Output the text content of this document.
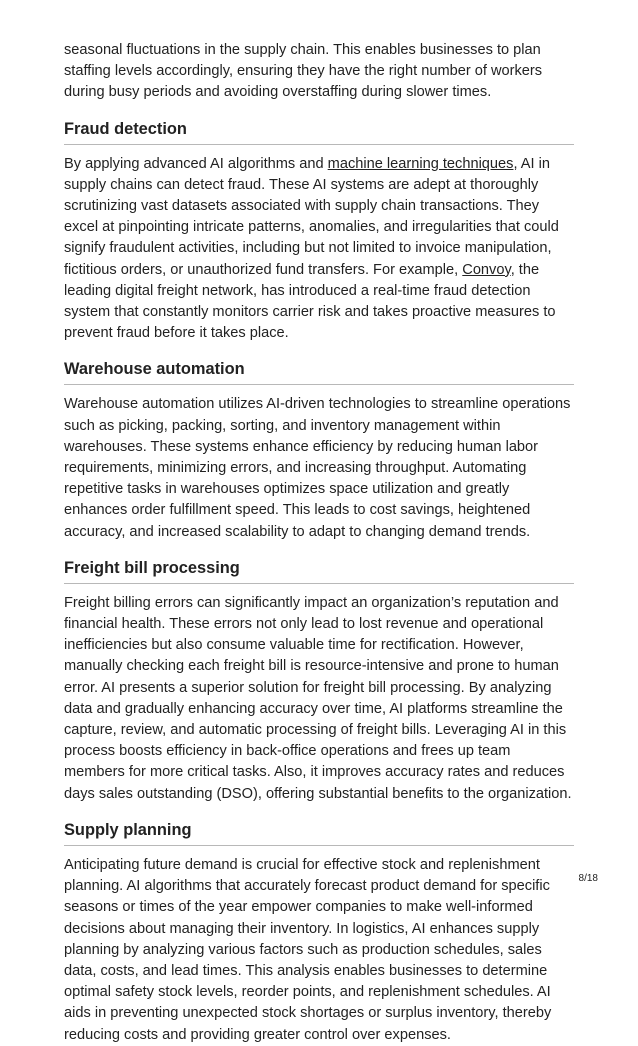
seasonal fluctuations in the supply chain. This enables businesses to plan staffing levels accordingly, ensuring they have the right number of workers during busy periods and avoiding overstaffing during slower times.

Fraud detection

By applying advanced AI algorithms and machine learning techniques, AI in supply chains can detect fraud. These AI systems are adept at thoroughly scrutinizing vast datasets associated with supply chain transactions. They excel at pinpointing intricate patterns, anomalies, and irregularities that could signify fraudulent activities, including but not limited to invoice manipulation, fictitious orders, or unauthorized fund transfers. For example, Convoy, the leading digital freight network, has introduced a real-time fraud detection system that constantly monitors carrier risk and takes proactive measures to prevent fraud before it takes place.

Warehouse automation

Warehouse automation utilizes AI-driven technologies to streamline operations such as picking, packing, sorting, and inventory management within warehouses. These systems enhance efficiency by reducing human labor requirements, minimizing errors, and increasing throughput. Automating repetitive tasks in warehouses optimizes space utilization and greatly enhances order fulfillment speed. This leads to cost savings, heightened accuracy, and increased scalability to adapt to changing demand trends.

Freight bill processing

Freight billing errors can significantly impact an organization’s reputation and financial health. These errors not only lead to lost revenue and operational inefficiencies but also consume valuable time for rectification. However, manually checking each freight bill is resource-intensive and prone to human error. AI presents a superior solution for freight bill processing. By analyzing data and gradually enhancing accuracy over time, AI platforms streamline the capture, review, and automatic processing of freight bills. Leveraging AI in this process boosts efficiency in back-office operations and frees up team members for more critical tasks. Also, it improves accuracy rates and reduces days sales outstanding (DSO), offering substantial benefits to the organization.

Supply planning

Anticipating future demand is crucial for effective stock and replenishment planning. AI algorithms that accurately forecast product demand for specific seasons or times of the year empower companies to make well-informed decisions about managing their inventory. In logistics, AI enhances supply planning by analyzing various factors such as production schedules, sales data, costs, and lead times. This analysis enables businesses to determine optimal safety stock levels, reorder points, and replenishment schedules. AI aids in preventing unexpected stock shortages or surplus inventory, thereby reducing costs and providing greater control over expenses.

8/18
